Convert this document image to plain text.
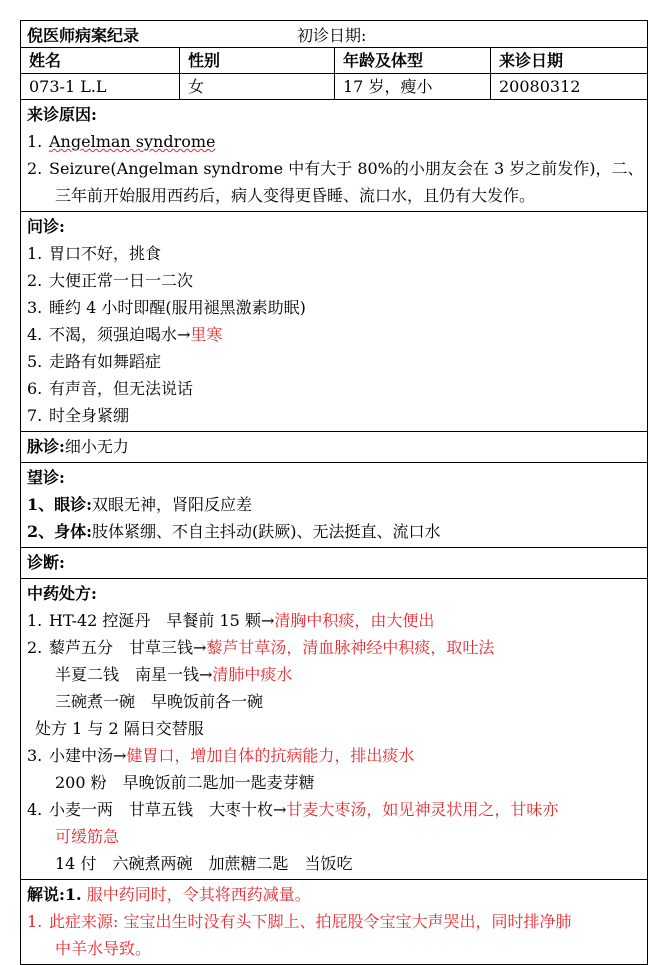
倪医师病案纪录	初诊日期:
姓名	性别	年龄及体型	来诊日期
073-1 L.L	女	17 岁，瘦小	20080312
来诊原因:
1. Angelman syndrome
2. Seizure(Angelman syndrome 中有大于 80%的小朋友会在 3 岁之前发作)，二、
三年前开始服用西药后，病人变得更昏睡、流口水，且仍有大发作。
问诊:
1. 胃口不好，挑食
2. 大便正常一日一二次
3. 睡约 4 小时即醒(服用褪黑激素助眠)
4. 不渴，须强迫喝水→里寒
5. 走路有如舞蹈症
6. 有声音，但无法说话
7. 时全身紧绷
脉诊:细小无力
望诊:
1、眼诊:双眼无神，肾阳反应差
2、身体:肢体紧绷、不自主抖动(趺厥)、无法挺直、流口水
诊断:
中药处方:
1. HT-42 控涎丹　早餐前 15 颗→清胸中积痰，由大便出
2. 藜芦五分　甘草三钱→藜芦甘草汤，清血脉神经中积痰，取吐法
半夏二钱　南星一钱→清肺中痰水
三碗煮一碗　早晚饭前各一碗
处方 1 与 2 隔日交替服
3. 小建中汤→健胃口，增加自体的抗病能力，排出痰水
200 粉　早晚饭前二匙加一匙麦芽糖
4. 小麦一两　甘草五钱　大枣十枚→甘麦大枣汤，如见神灵状用之，甘味亦
可缓筋急
14 付　六碗煮两碗　加蔗糖二匙　当饭吃
解说:1. 服中药同时，令其将西药减量。
1. 此症来源: 宝宝出生时没有头下脚上、拍屁股令宝宝大声哭出，同时排净肺
中羊水导致。
